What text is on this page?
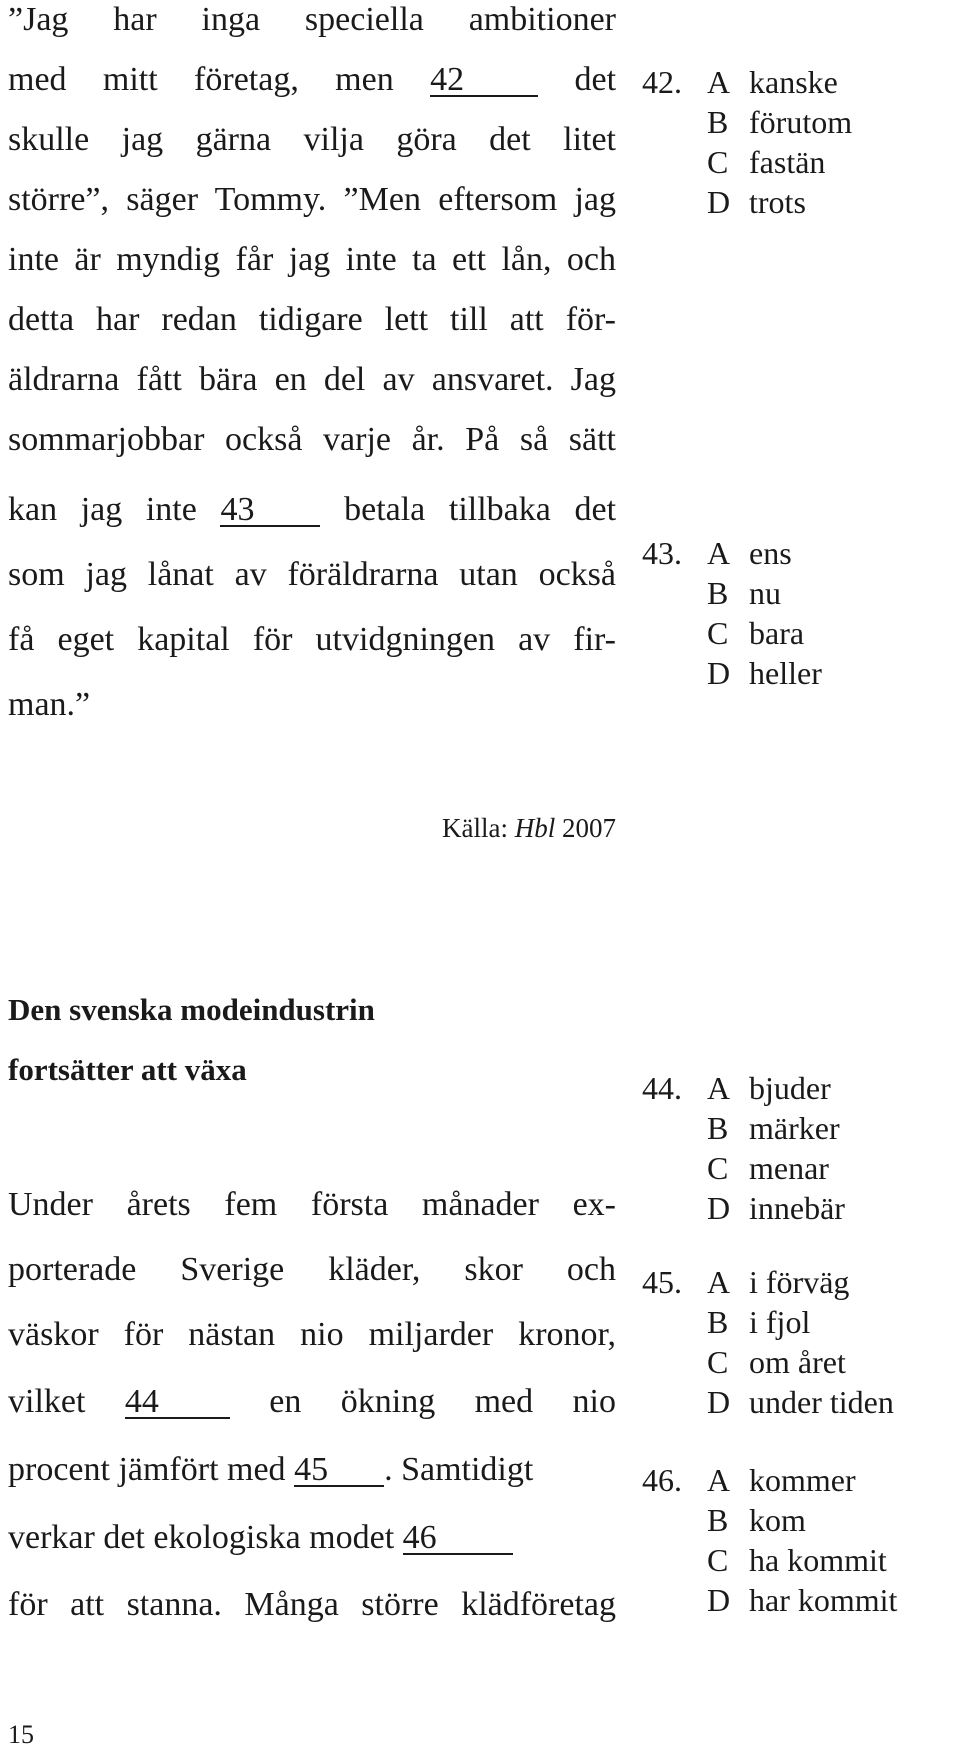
”Jag har inga speciella ambitioner
med mitt företag, men 42	det
skulle jag gärna vilja göra det litet
större”, säger Tommy. ”Men eftersom jag
inte är myndig får jag inte ta ett lån, och
detta har redan tidigare lett till att för-
äldrarna fått bära en del av ansvaret. Jag
sommarjobbar också varje år. På så sätt
kan jag inte 43	betala tillbaka det
som jag lånat av föräldrarna utan också
få eget kapital för utvidgningen av fir-
man.”
Källa: Hbl 2007
Den svenska modeindustrin
fortsätter att växa
Under årets fem första månader ex-
porterade Sverige kläder, skor och
väskor för nästan nio miljarder kronor,
vilket 44	en ökning med nio
procent jämfört med 45 . Samtidigt
verkar det ekologiska modet 46
för att stanna. Många större klädföretag
42. A kanske
B förutom
C fastän
D trots
43. A ens
B nu
C bara
D heller
44. A bjuder
B märker
C menar
D innebär
45. A i förväg
B i fjol
C om året
D under tiden
46. A kommer
B kom
C ha kommit
D har kommit
15
